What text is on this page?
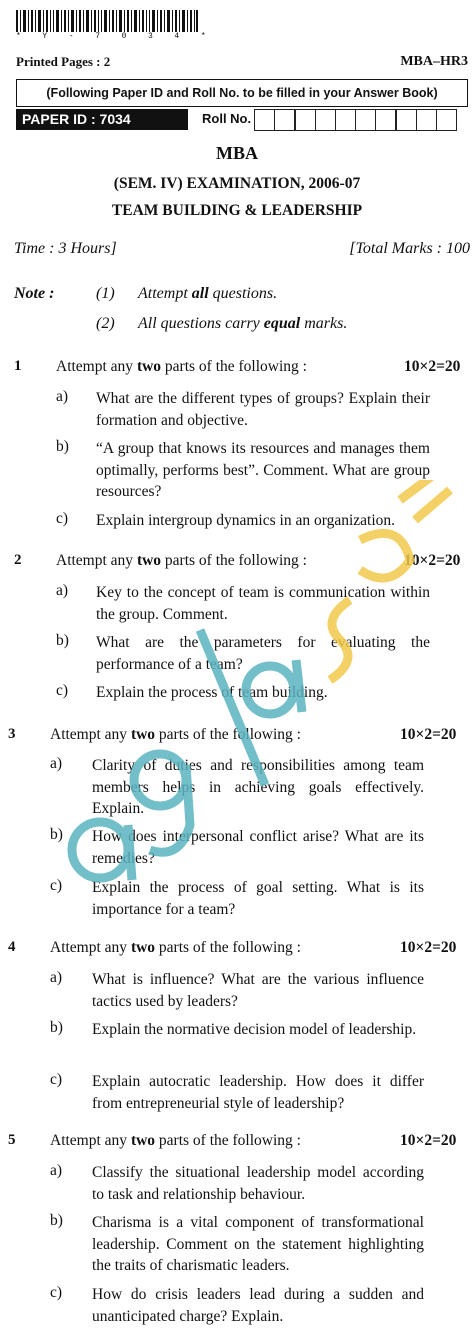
*  Y  -  7  0  3  4  *
Printed Pages : 2	MBA–HR3
(Following Paper ID and Roll No. to be filled in your Answer Book)
PAPER ID : 7034	Roll No.
MBA
(SEM. IV) EXAMINATION, 2006-07
TEAM BUILDING & LEADERSHIP
Time : 3 Hours]	[Total Marks : 100
Note :	(1) Attempt all questions.
(2) All questions carry equal marks.
1 Attempt any two parts of the following :	10×2=20
a) What are the different types of groups? Explain their formation and objective.
b) “A group that knows its resources and manages them optimally, performs best”. Comment. What are group resources?
c) Explain intergroup dynamics in an organization.
2 Attempt any two parts of the following :	10×2=20
a) Key to the concept of team is communication within the group. Comment.
b) What are the parameters for evaluating the performance of a team?
c) Explain the process of team building.
3 Attempt any two parts of the following :	10×2=20
a) Clarity of duties and responsibilities among team members helps in achieving goals effectively. Explain.
b) How does interpersonal conflict arise? What are its remedies?
c) Explain the process of goal setting. What is its importance for a team?
4 Attempt any two parts of the following :	10×2=20
a) What is influence? What are the various influence tactics used by leaders?
b) Explain the normative decision model of leadership.
c) Explain autocratic leadership. How does it differ from entrepreneurial style of leadership?
5 Attempt any two parts of the following :	10×2=20
a) Classify the situational leadership model according to task and relationship behaviour.
b) Charisma is a vital component of transformational leadership. Comment on the statement highlighting the traits of charismatic leaders.
c) How do crisis leaders lead during a sudden and unanticipated charge? Explain.
